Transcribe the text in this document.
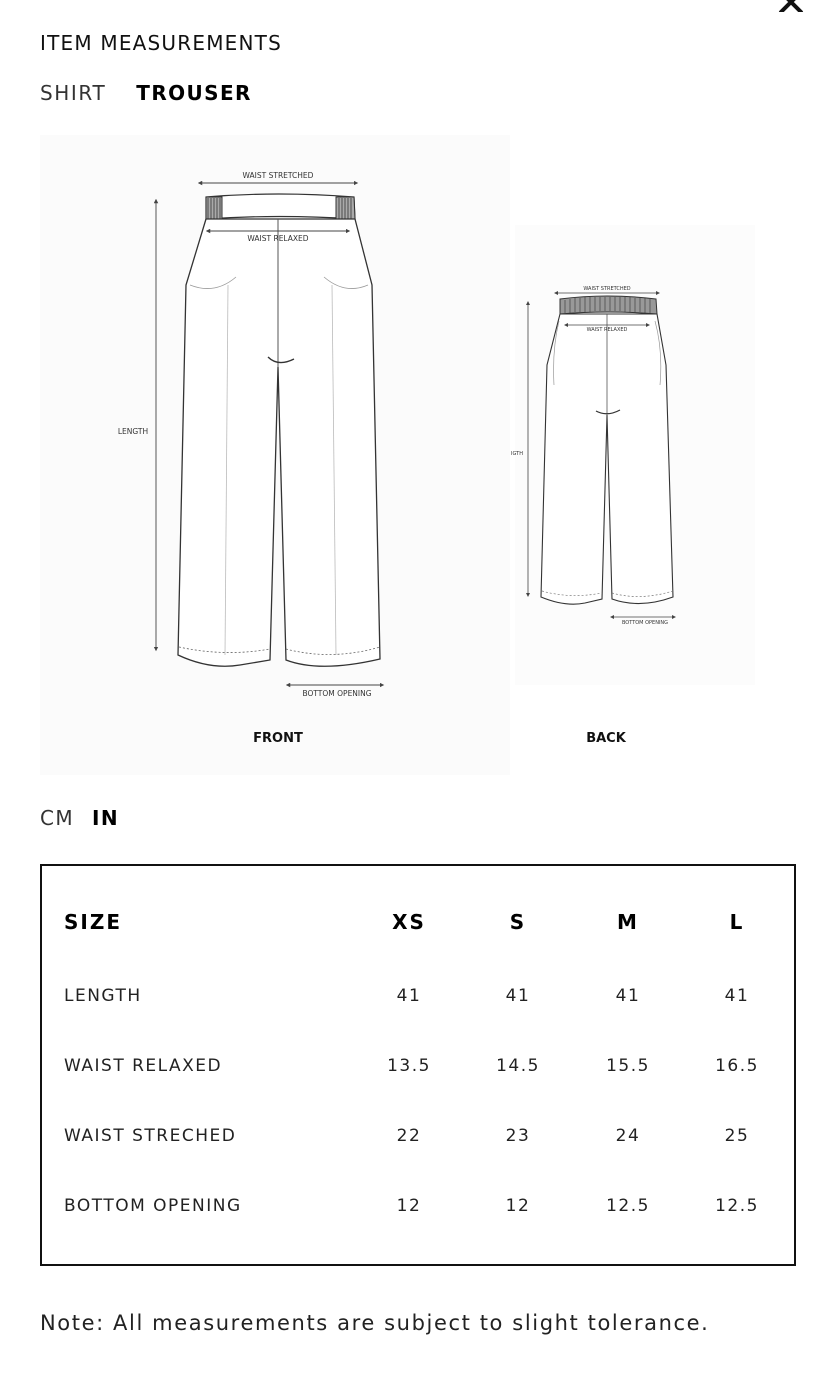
ITEM MEASUREMENTS
SHIRT TROUSER
WAIST STRETCHED
WAIST RELAXED
LENGTH
BOTTOM OPENING
FRONT
WAIST STRETCHED
WAIST RELAXED
IGTH
BOTTOM OPENING
BACK
CM IN
SIZE	XS	S	M	L
LENGTH	41	41	41	41
WAIST RELAXED	13.5	14.5	15.5	16.5
WAIST STRECHED	22	23	24	25
BOTTOM OPENING	12	12	12.5	12.5
Note: All measurements are subject to slight tolerance.
